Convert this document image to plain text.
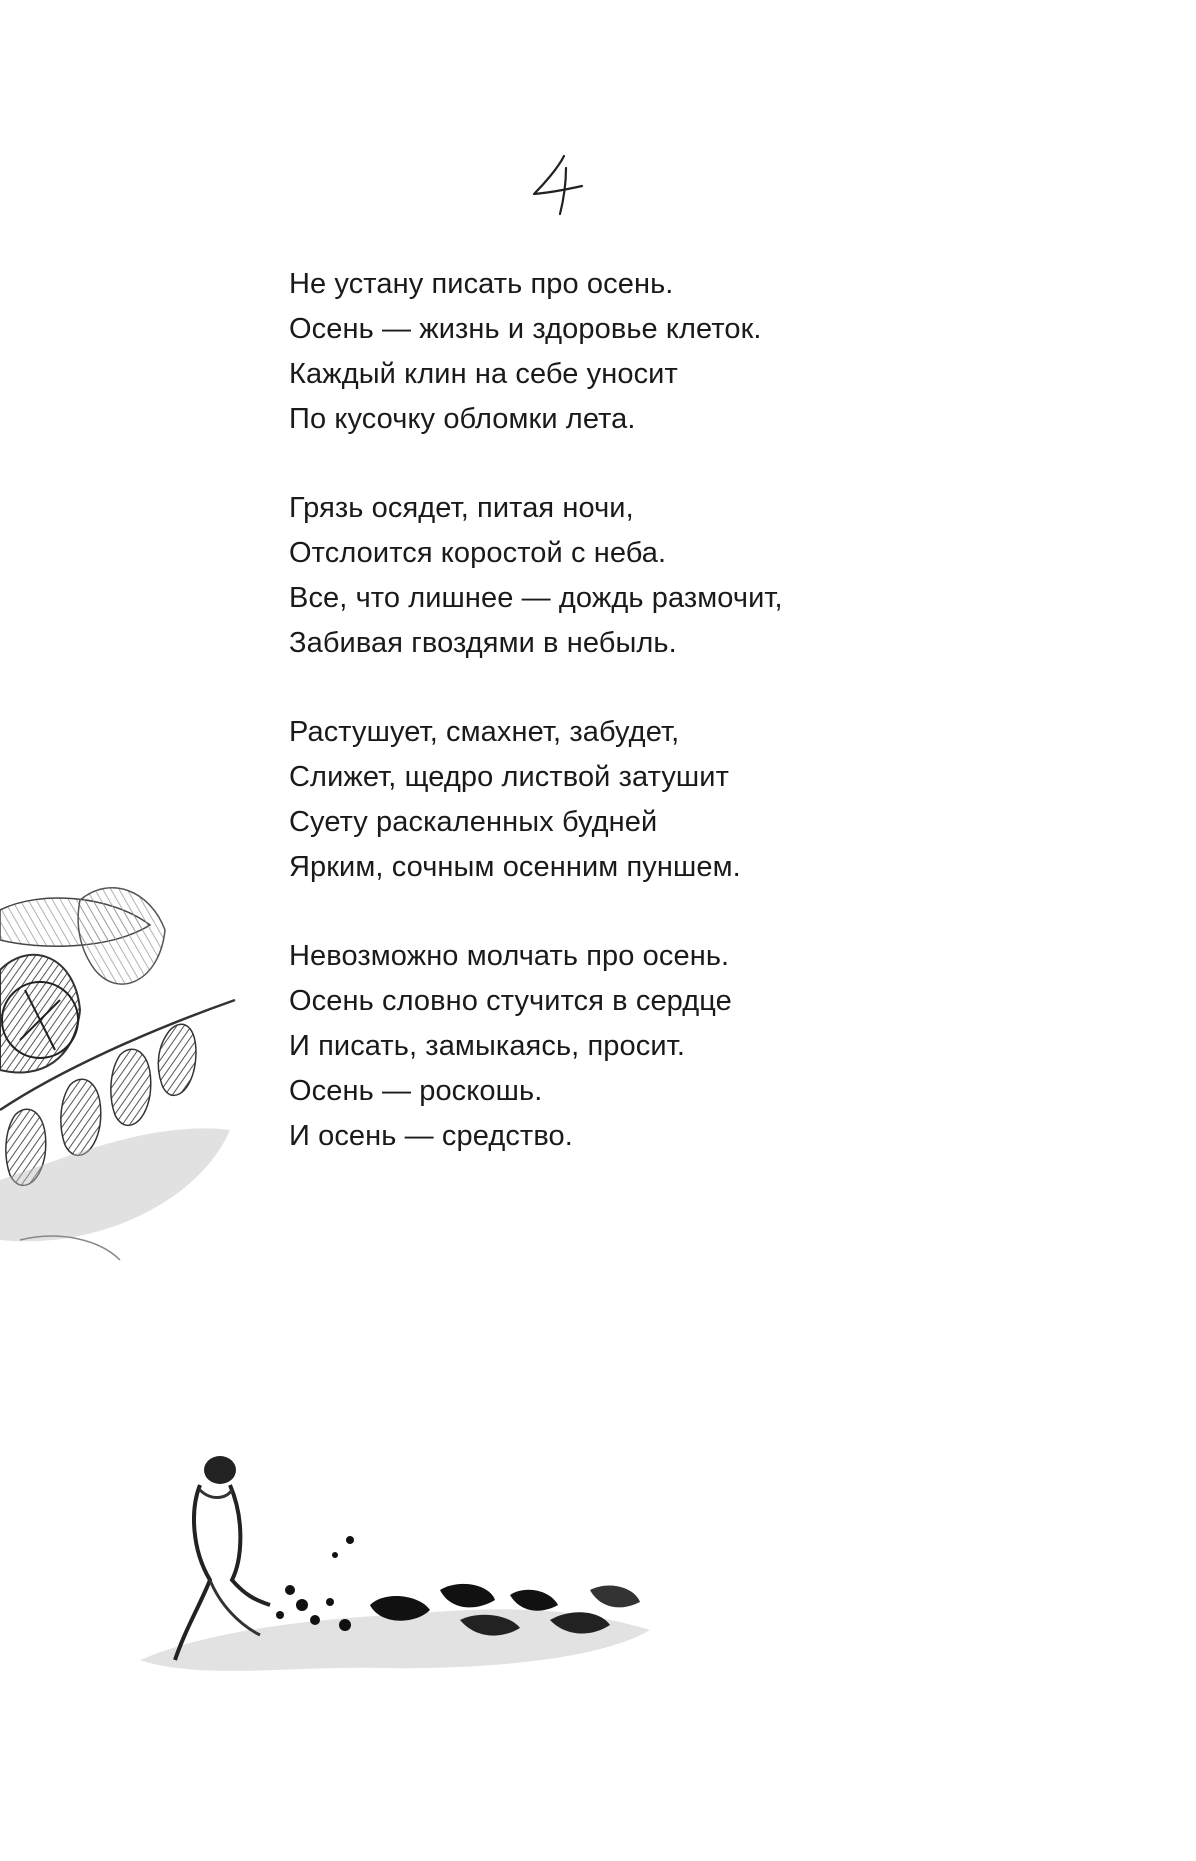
Не устану писать про осень.
Осень — жизнь и здоровье клеток.
Каждый клин на себе уносит
По кусочку обломки лета.
Грязь осядет, питая ночи,
Отслоится коростой с неба.
Все, что лишнее — дождь размочит,
Забивая гвоздями в небыль.
Растушует, смахнет, забудет,
Слижет, щедро листвой затушит
Суету раскаленных будней
Ярким, сочным осенним пуншем.
Невозможно молчать про осень.
Осень словно стучится в сердце
И писать, замыкаясь, просит.
Осень — роскошь.
И осень — средство.
